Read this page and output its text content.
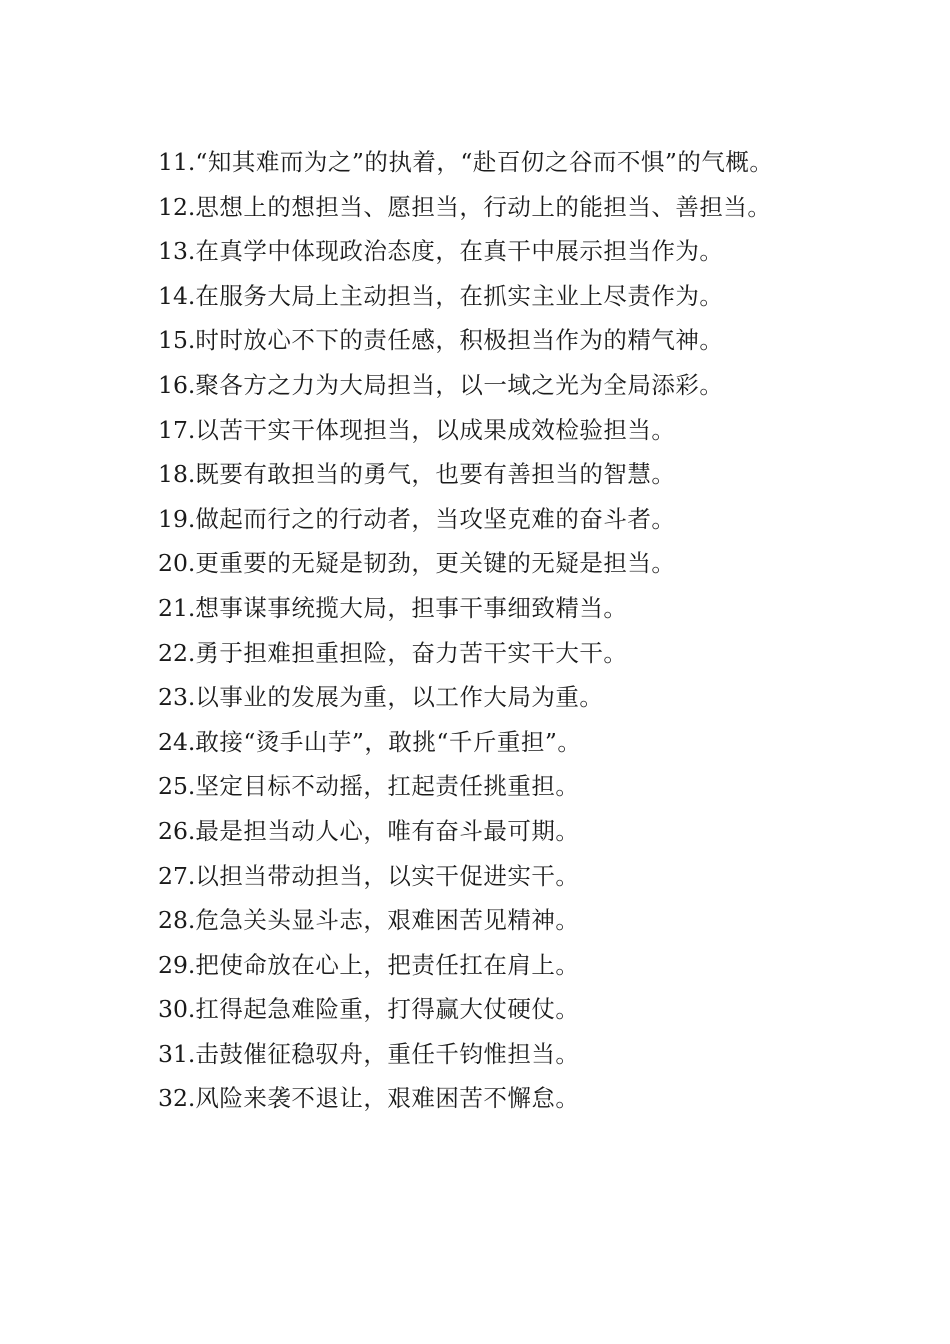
11.“知其难而为之”的执着，“赴百仞之谷而不惧”的气概。

12.思想上的想担当、愿担当，行动上的能担当、善担当。

13.在真学中体现政治态度，在真干中展示担当作为。

14.在服务大局上主动担当，在抓实主业上尽责作为。

15.时时放心不下的责任感，积极担当作为的精气神。

16.聚各方之力为大局担当，以一域之光为全局添彩。

17.以苦干实干体现担当，以成果成效检验担当。

18.既要有敢担当的勇气，也要有善担当的智慧。

19.做起而行之的行动者，当攻坚克难的奋斗者。

20.更重要的无疑是韧劲，更关键的无疑是担当。

21.想事谋事统揽大局，担事干事细致精当。

22.勇于担难担重担险，奋力苦干实干大干。

23.以事业的发展为重，以工作大局为重。

24.敢接“烫手山芋”，敢挑“千斤重担”。

25.坚定目标不动摇，扛起责任挑重担。

26.最是担当动人心，唯有奋斗最可期。

27.以担当带动担当，以实干促进实干。

28.危急关头显斗志，艰难困苦见精神。

29.把使命放在心上，把责任扛在肩上。

30.扛得起急难险重，打得赢大仗硬仗。

31.击鼓催征稳驭舟，重任千钧惟担当。

32.风险来袭不退让，艰难困苦不懈怠。
